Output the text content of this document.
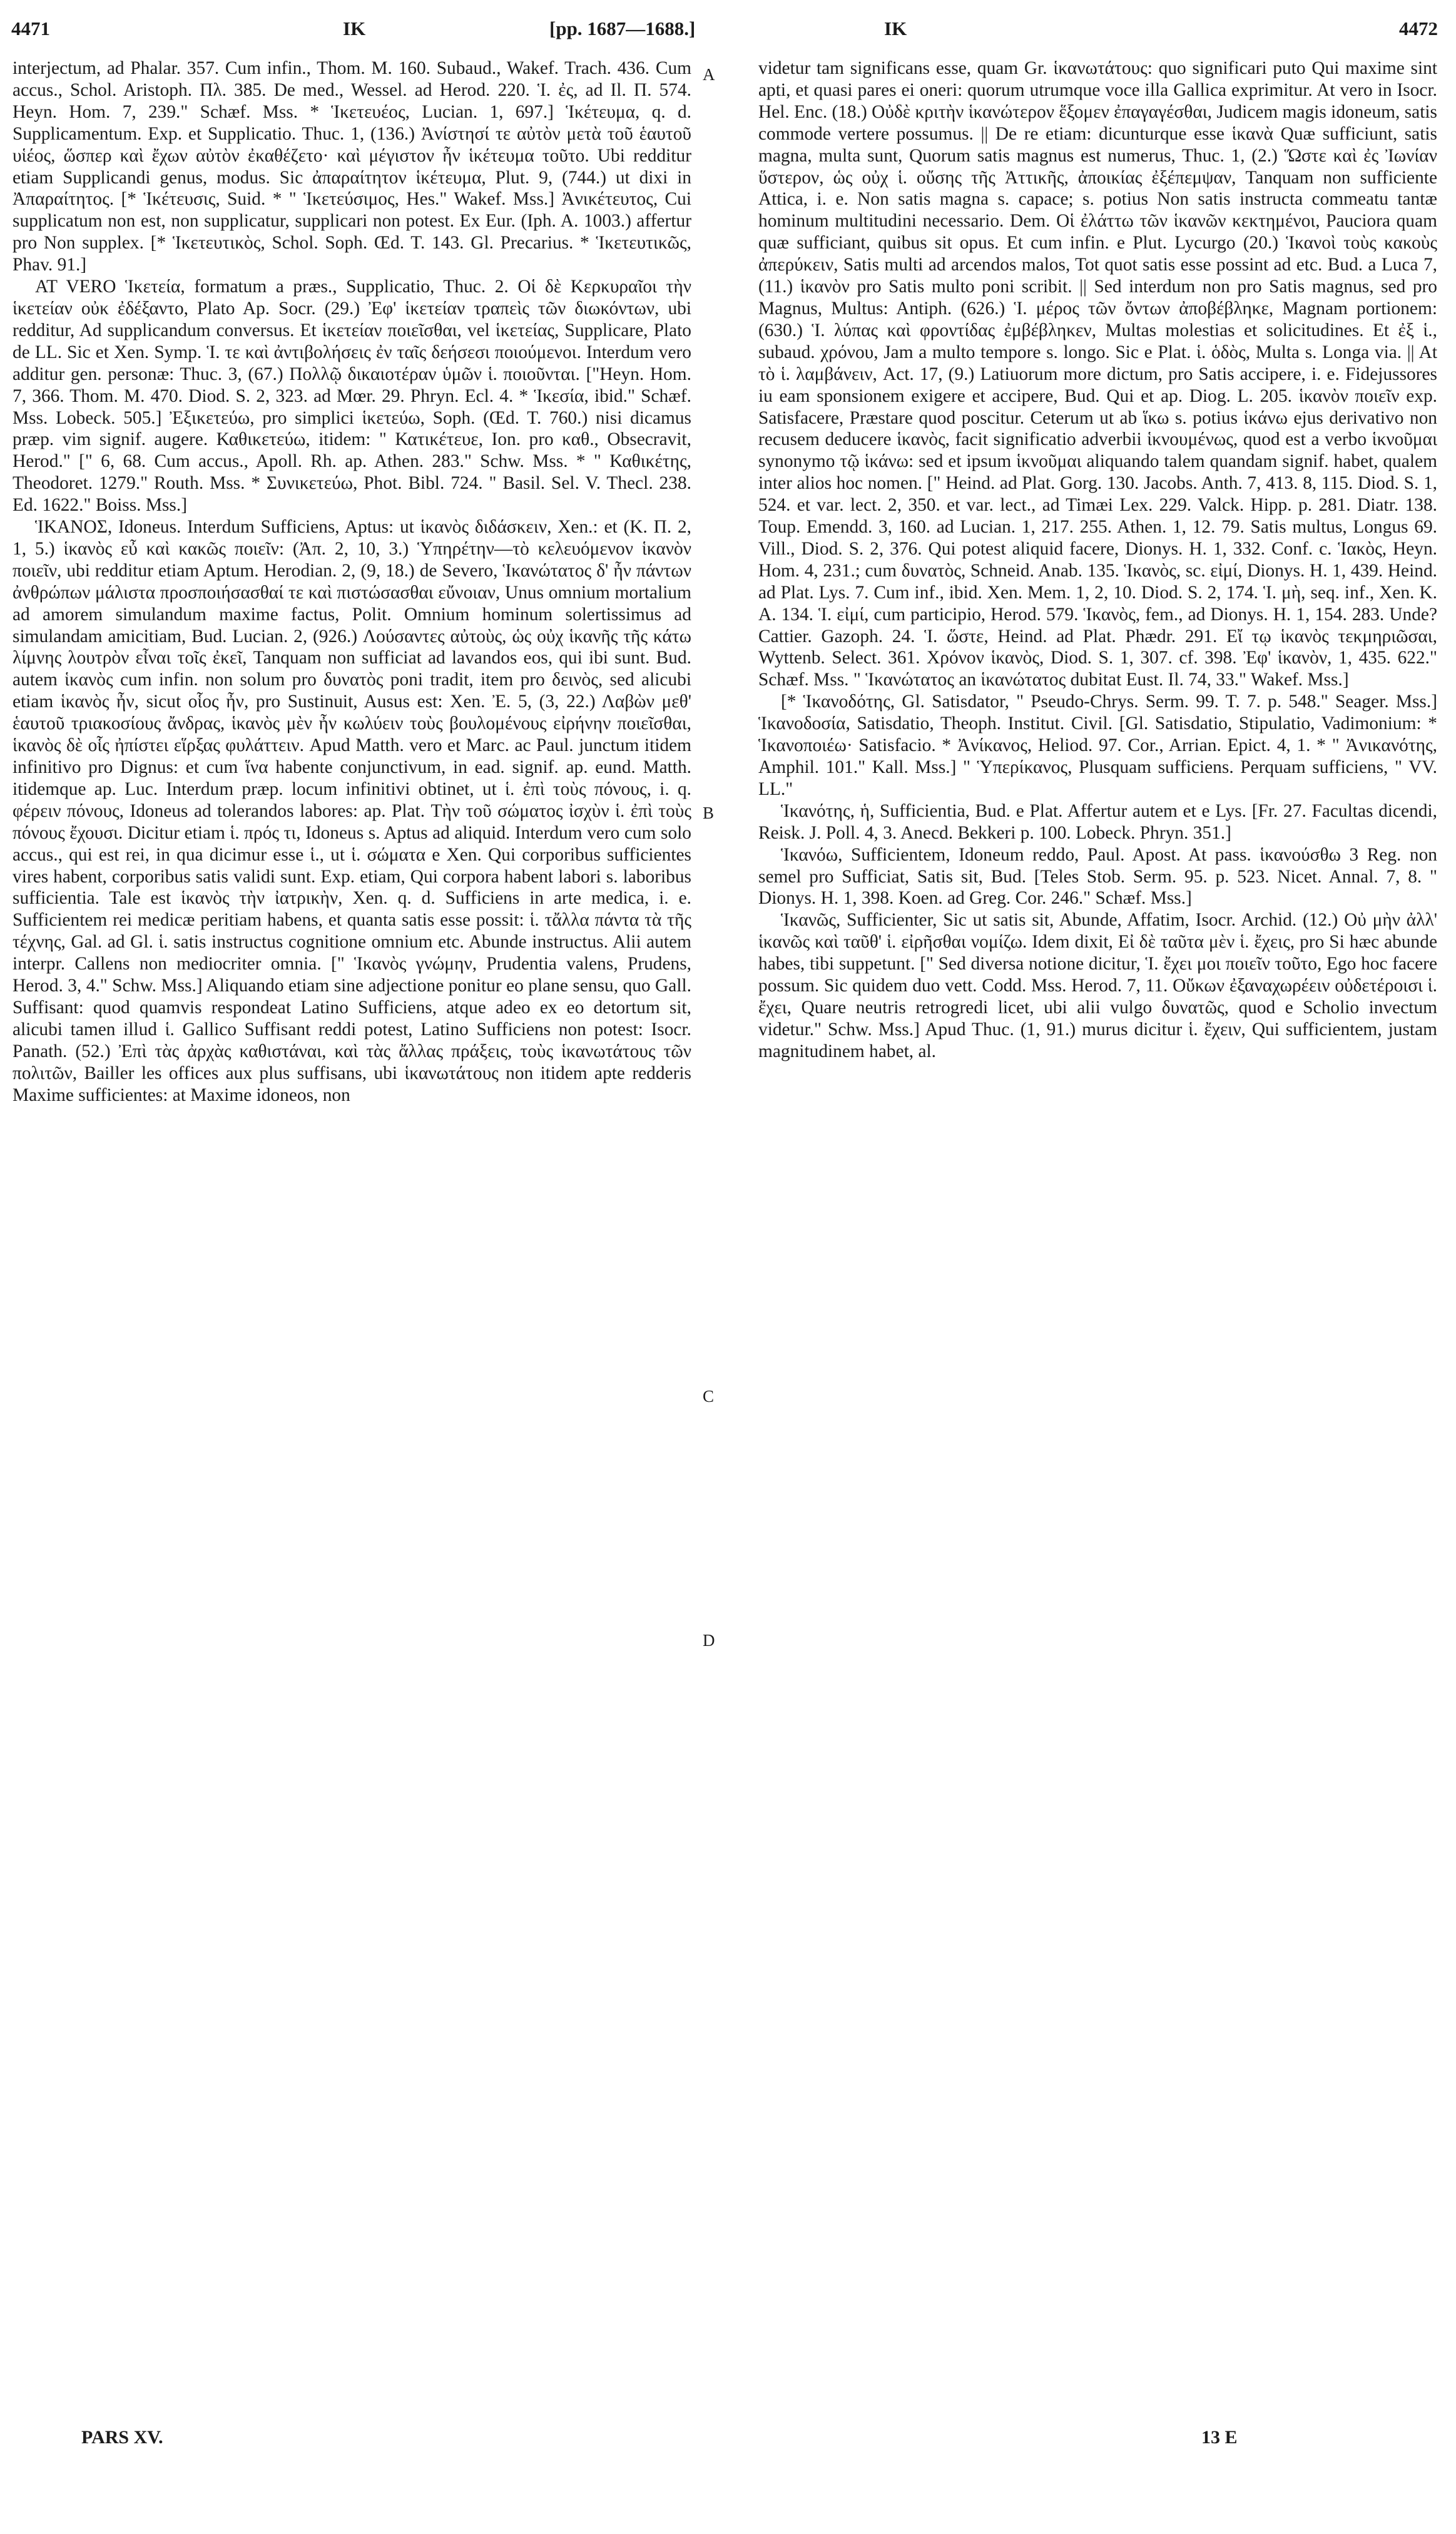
4471	IK	[pp. 1687—1688.]	IK	4472

interjectum, ad Phalar. 357. Cum infin., Thom. M. 160. Subaud., Wakef. Trach. 436. Cum accus., Schol. Aristoph. Πλ. 385. De med., Wessel. ad Herod. 220. Ἱ. ἐς, ad Il. Π. 574. Heyn. Hom. 7, 239." Schæf. Mss. * Ἱκετευέος, Lucian. 1, 697.] Ἱκέτευμα, q. d. Supplicamentum. Exp. et Supplicatio. Thuc. 1, (136.) Ἀνίστησί τε αὐτὸν μετὰ τοῦ ἑαυτοῦ υἱέος, ὥσπερ καὶ ἔχων αὐτὸν ἐκαθέζετο· καὶ μέγιστον ἦν ἱκέτευμα τοῦτο. Ubi redditur etiam Supplicandi genus, modus. Sic ἀπαραίτητον ἱκέτευμα, Plut. 9, (744.) ut dixi in Ἀπαραίτητος. [* Ἱκέτευσις, Suid. * " Ἱκετεύσιμος, Hes." Wakef. Mss.] Ἀνικέτευτος, Cui supplicatum non est, non supplicatur, supplicari non potest. Ex Eur. (Iph. A. 1003.) affertur pro Non supplex. [* Ἱκετευτικὸς, Schol. Soph. Œd. T. 143. Gl. Precarius. * Ἱκετευτικῶς, Phav. 91.]

AT VERO Ἱκετεία, formatum a præs., Supplicatio, Thuc. 2. Οἱ δὲ Κερκυραῖοι τὴν ἱκετείαν οὐκ ἐδέξαντο, Plato Ap. Socr. (29.) Ἐφ' ἱκετείαν τραπεὶς τῶν διωκόντων, ubi redditur, Ad supplicandum conversus. Et ἱκετείαν ποιεῖσθαι, vel ἱκετείας, Supplicare, Plato de LL. Sic et Xen. Symp. Ἱ. τε καὶ ἀντιβολήσεις ἐν ταῖς δεήσεσι ποιούμενοι. Interdum vero additur gen. personæ: Thuc. 3, (67.) Πολλῷ δικαιοτέραν ὑμῶν ἱ. ποιοῦνται. ["Heyn. Hom. 7, 366. Thom. M. 470. Diod. S. 2, 323. ad Mœr. 29. Phryn. Ecl. 4. * Ἱκεσία, ibid." Schæf. Mss. Lobeck. 505.] Ἐξικετεύω, pro simplici ἱκετεύω, Soph. (Œd. T. 760.) nisi dicamus præp. vim signif. augere. Καθικετεύω, itidem: " Κατικέτευε, Ion. pro καθ., Obsecravit, Herod." [" 6, 68. Cum accus., Apoll. Rh. ap. Athen. 283." Schw. Mss. * " Καθικέτης, Theodoret. 1279." Routh. Mss. * Συνικετεύω, Phot. Bibl. 724. " Basil. Sel. V. Thecl. 238. Ed. 1622." Boiss. Mss.]

ἹΚΑΝΟΣ, Idoneus. Interdum Sufficiens, Aptus: ut ἱκανὸς διδάσκειν, Xen.: et (Κ. Π. 2, 1, 5.) ἱκανὸς εὖ καὶ κακῶς ποιεῖν: (Ἀπ. 2, 10, 3.) Ὑπηρέτην—τὸ κελευόμενον ἱκανὸν ποιεῖν, ubi redditur etiam Aptum. Herodian. 2, (9, 18.) de Severo, Ἱκανώτατος δ' ἦν πάντων ἀνθρώπων μάλιστα προσποιήσασθαί τε καὶ πιστώσασθαι εὔνοιαν, Unus omnium mortalium ad amorem simulandum maxime factus, Polit. Omnium hominum solertissimus ad simulandam amicitiam, Bud. Lucian. 2, (926.) Λούσαντες αὐτοὺς, ὡς οὐχ ἱκανῆς τῆς κάτω λίμνης λουτρὸν εἶναι τοῖς ἐκεῖ, Tanquam non sufficiat ad lavandos eos, qui ibi sunt. Bud. autem ἱκανὸς cum infin. non solum pro δυνατὸς poni tradit, item pro δεινὸς, sed alicubi etiam ἱκανὸς ἦν, sicut οἷος ἦν, pro Sustinuit, Ausus est: Xen. Ἐ. 5, (3, 22.) Λαβὼν μεθ' ἑαυτοῦ τριακοσίους ἄνδρας, ἱκανὸς μὲν ἦν κωλύειν τοὺς βουλομένους εἰρήνην ποιεῖσθαι, ἱκανὸς δὲ οἷς ἠπίστει εἵρξας φυλάττειν. Apud Matth. vero et Marc. ac Paul. junctum itidem infinitivo pro Dignus: et cum ἵνα habente conjunctivum, in ead. signif. ap. eund. Matth. itidemque ap. Luc. Interdum præp. locum infinitivi obtinet, ut ἱ. ἐπὶ τοὺς πόνους, i. q. φέρειν πόνους, Idoneus ad tolerandos labores: ap. Plat. Τὴν τοῦ σώματος ἰσχὺν ἱ. ἐπὶ τοὺς πόνους ἔχουσι. Dicitur etiam ἱ. πρός τι, Idoneus s. Aptus ad aliquid. Interdum vero cum solo accus., qui est rei, in qua dicimur esse ἱ., ut ἱ. σώματα e Xen. Qui corporibus sufficientes vires habent, corporibus satis validi sunt. Exp. etiam, Qui corpora habent labori s. laboribus sufficientia. Tale est ἱκανὸς τὴν ἰατρικὴν, Xen. q. d. Sufficiens in arte medica, i. e. Sufficientem rei medicæ peritiam habens, et quanta satis esse possit: ἱ. τἄλλα πάντα τὰ τῆς τέχνης, Gal. ad Gl. ἱ. satis instructus cognitione omnium etc. Abunde instructus. Alii autem interpr. Callens non mediocriter omnia. [" Ἱκανὸς γνώμην, Prudentia valens, Prudens, Herod. 3, 4." Schw. Mss.] Aliquando etiam sine adjectione ponitur eo plane sensu, quo Gall. Suffisant: quod quamvis respondeat Latino Sufficiens, atque adeo ex eo detortum sit, alicubi tamen illud ἱ. Gallico Suffisant reddi potest, Latino Sufficiens non potest: Isocr. Panath. (52.) Ἐπὶ τὰς ἀρχὰς καθιστάναι, καὶ τὰς ἄλλας πράξεις, τοὺς ἱκανωτάτους τῶν πολιτῶν, Bailler les offices aux plus suffisans, ubi ἱκανωτάτους non itidem apte redderis Maxime sufficientes: at Maxime idoneos, non

A
B
C
D

videtur tam significans esse, quam Gr. ἱκανωτάτους: quo significari puto Qui maxime sint apti, et quasi pares ei oneri: quorum utrumque voce illa Gallica exprimitur. At vero in Isocr. Hel. Enc. (18.) Οὐδὲ κριτὴν ἱκανώτερον ἕξομεν ἐπαγαγέσθαι, Judicem magis idoneum, satis commode vertere possumus. || De re etiam: dicunturque esse ἱκανὰ Quæ sufficiunt, satis magna, multa sunt, Quorum satis magnus est numerus, Thuc. 1, (2.) Ὥστε καὶ ἐς Ἰωνίαν ὕστερον, ὡς οὐχ ἱ. οὔσης τῆς Ἀττικῆς, ἀποικίας ἐξέπεμψαν, Tanquam non sufficiente Attica, i. e. Non satis magna s. capace; s. potius Non satis instructa commeatu tantæ hominum multitudini necessario. Dem. Οἱ ἐλάττω τῶν ἱκανῶν κεκτημένοι, Pauciora quam quæ sufficiant, quibus sit opus. Et cum infin. e Plut. Lycurgo (20.) Ἱκανοὶ τοὺς κακοὺς ἀπερύκειν, Satis multi ad arcendos malos, Tot quot satis esse possint ad etc. Bud. a Luca 7, (11.) ἱκανὸν pro Satis multo poni scribit. || Sed interdum non pro Satis magnus, sed pro Magnus, Multus: Antiph. (626.) Ἱ. μέρος τῶν ὄντων ἀποβέβληκε, Magnam portionem: (630.) Ἱ. λύπας καὶ φροντίδας ἐμβέβληκεν, Multas molestias et solicitudines. Et ἐξ ἱ., subaud. χρόνου, Jam a multo tempore s. longo. Sic e Plat. ἱ. ὁδὸς, Multa s. Longa via. || At τὸ ἱ. λαμβάνειν, Act. 17, (9.) Latiuorum more dictum, pro Satis accipere, i. e. Fidejussores iu eam sponsionem exigere et accipere, Bud. Qui et ap. Diog. L. 205. ἱκανὸν ποιεῖν exp. Satisfacere, Præstare quod poscitur. Ceterum ut ab ἵκω s. potius ἱκάνω ejus derivativo non recusem deducere ἱκανὸς, facit significatio adverbii ἱκνουμένως, quod est a verbo ἱκνοῦμαι synonymo τῷ ἱκάνω: sed et ipsum ἱκνοῦμαι aliquando talem quandam signif. habet, qualem inter alios hoc nomen. [" Heind. ad Plat. Gorg. 130. Jacobs. Anth. 7, 413. 8, 115. Diod. S. 1, 524. et var. lect. 2, 350. et var. lect., ad Timæi Lex. 229. Valck. Hipp. p. 281. Diatr. 138. Toup. Emendd. 3, 160. ad Lucian. 1, 217. 255. Athen. 1, 12. 79. Satis multus, Longus 69. Vill., Diod. S. 2, 376. Qui potest aliquid facere, Dionys. H. 1, 332. Conf. c. Ἱακὸς, Heyn. Hom. 4, 231.; cum δυνατὸς, Schneid. Anab. 135. Ἱκανὸς, sc. εἰμί, Dionys. H. 1, 439. Heind. ad Plat. Lys. 7. Cum inf., ibid. Xen. Mem. 1, 2, 10. Diod. S. 2, 174. Ἱ. μὴ, seq. inf., Xen. K. A. 134. Ἱ. εἰμί, cum participio, Herod. 579. Ἱκανὸς, fem., ad Dionys. H. 1, 154. 283. Unde? Cattier. Gazoph. 24. Ἱ. ὥστε, Heind. ad Plat. Phædr. 291. Εἴ τῳ ἱκανὸς τεκμηριῶσαι, Wyttenb. Select. 361. Χρόνον ἱκανὸς, Diod. S. 1, 307. cf. 398. Ἐφ' ἱκανὸν, 1, 435. 622." Schæf. Mss. " Ἱκανώτατος an ἱκανώτατος dubitat Eust. Il. 74, 33." Wakef. Mss.]

[* Ἱκανοδότης, Gl. Satisdator, " Pseudo-Chrys. Serm. 99. T. 7. p. 548." Seager. Mss.] Ἱκανοδοσία, Satisdatio, Theoph. Institut. Civil. [Gl. Satisdatio, Stipulatio, Vadimonium: * Ἱκανοποιέω· Satisfacio. * Ἀνίκανος, Heliod. 97. Cor., Arrian. Epict. 4, 1. * " Ἀνικανότης, Amphil. 101." Kall. Mss.] " Ὑπερίκανος, Plusquam sufficiens. Perquam sufficiens, " VV. LL."

Ἱκανότης, ἡ, Sufficientia, Bud. e Plat. Affertur autem et e Lys. [Fr. 27. Facultas dicendi, Reisk. J. Poll. 4, 3. Anecd. Bekkeri p. 100. Lobeck. Phryn. 351.]

Ἱκανόω, Sufficientem, Idoneum reddo, Paul. Apost. At pass. ἱκανούσθω 3 Reg. non semel pro Sufficiat, Satis sit, Bud. [Teles Stob. Serm. 95. p. 523. Nicet. Annal. 7, 8. " Dionys. H. 1, 398. Koen. ad Greg. Cor. 246." Schæf. Mss.]

Ἱκανῶς, Sufficienter, Sic ut satis sit, Abunde, Affatim, Isocr. Archid. (12.) Οὐ μὴν ἀλλ' ἱκανῶς καὶ ταῦθ' ἱ. εἰρῆσθαι νομίζω. Idem dixit, Εἰ δὲ ταῦτα μὲν ἱ. ἔχεις, pro Si hæc abunde habes, tibi suppetunt. [" Sed diversa notione dicitur, Ἱ. ἔχει μοι ποιεῖν τοῦτο, Ego hoc facere possum. Sic quidem duo vett. Codd. Mss. Herod. 7, 11. Οὔκων ἐξαναχωρέειν οὐδετέροισι ἱ. ἔχει, Quare neutris retrogredi licet, ubi alii vulgo δυνατῶς, quod e Scholio invectum videtur." Schw. Mss.] Apud Thuc. (1, 91.) murus dicitur ἱ. ἔχειν, Qui sufficientem, justam magnitudinem habet, al.

PARS XV.	13 E
